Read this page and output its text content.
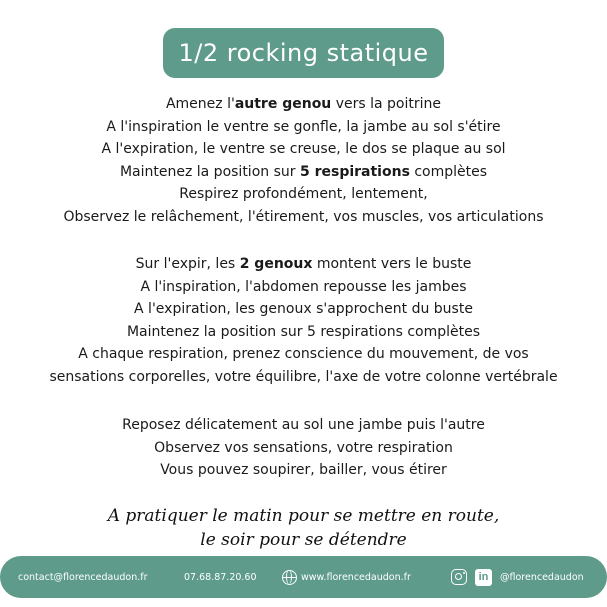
1/2 rocking statique
Amenez l'autre genou vers la poitrine
A l'inspiration le ventre se gonfle, la jambe au sol s'étire
A l'expiration, le ventre se creuse, le dos se plaque au sol
Maintenez la position sur 5 respirations complètes
Respirez profondément, lentement,
Observez le relâchement, l'étirement, vos muscles, vos articulations
Sur l'expir, les 2 genoux montent vers le buste
A l'inspiration, l'abdomen repousse les jambes
A l'expiration, les genoux s'approchent du buste
Maintenez la position sur 5 respirations complètes
A chaque respiration, prenez conscience du mouvement, de vos
sensations corporelles, votre équilibre, l'axe de votre colonne vertébrale
Reposez délicatement au sol une jambe puis l'autre
Observez vos sensations, votre respiration
Vous pouvez soupirer, bailler, vous étirer
A pratiquer le matin pour se mettre en route,
le soir pour se détendre
contact@florencedaudon.fr	07.68.87.20.60	www.florencedaudon.fr	in	@florencedaudon
